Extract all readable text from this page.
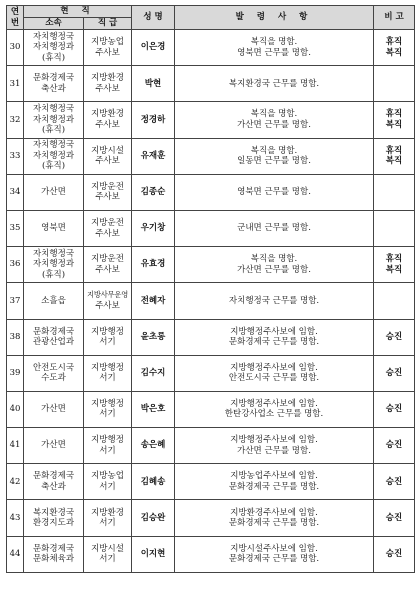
연번	현 직		성 명	발 령 사 항	비 고
	소속	직 급			
30	자치행정국
자치행정과
(휴직)	지방농업
주사보	이은경	복직을 명함.
영북면 근무를 명함.	휴직
복직

31	문화경제국
축산과	지방환경
주사보	박현	복지환경국 근무를 명함.	

32	자치행정국
자치행정과
(휴직)	지방환경
주사보	정경하	복직을 명함.
가산면 근무를 명함.	휴직
복직

33	자치행정국
자치행정과
(휴직)	지방시설
주사보	유재훈	복직을 명함.
일동면 근무를 명함.	휴직
복직

34	가산면	지방운전
주사보	김종순	영북면 근무를 명함.	

35	영북면	지방운전
주사보	우기창	군내면 근무를 명함.	

36	자치행정국
자치행정과
(휴직)	지방운전
주사보	유효경	복직을 명함.
가산면 근무를 명함.	휴직
복직

37	소흘읍	지방사무운영
주사보	전혜자	자치행정국 근무를 명함.	

38	문화경제국
관광산업과	지방행정
서기	윤초롱	지방행정주사보에 임함.
문화경제국 근무를 명함.	승진

39	안전도시국
수도과	지방행정
서기	김수지	지방행정주사보에 임함.
안전도시국 근무를 명함.	승진

40	가산면	지방행정
서기	박은호	지방행정주사보에 임함.
한탄강사업소 근무를 명함.	승진

41	가산면	지방행정
서기	송은혜	지방행정주사보에 임함.
가산면 근무를 명함.	승진

42	문화경제국
축산과	지방농업
서기	김혜송	지방농업주사보에 임함.
문화경제국 근무를 명함.	승진

43	복지환경국
환경지도과	지방환경
서기	김승완	지방환경주사보에 임함.
문화경제국 근무를 명함.	승진

44	문화경제국
문화체육과	지방시설
서기	이지현	지방시설주사보에 임함.
문화경제국 근무를 명함.	승진
